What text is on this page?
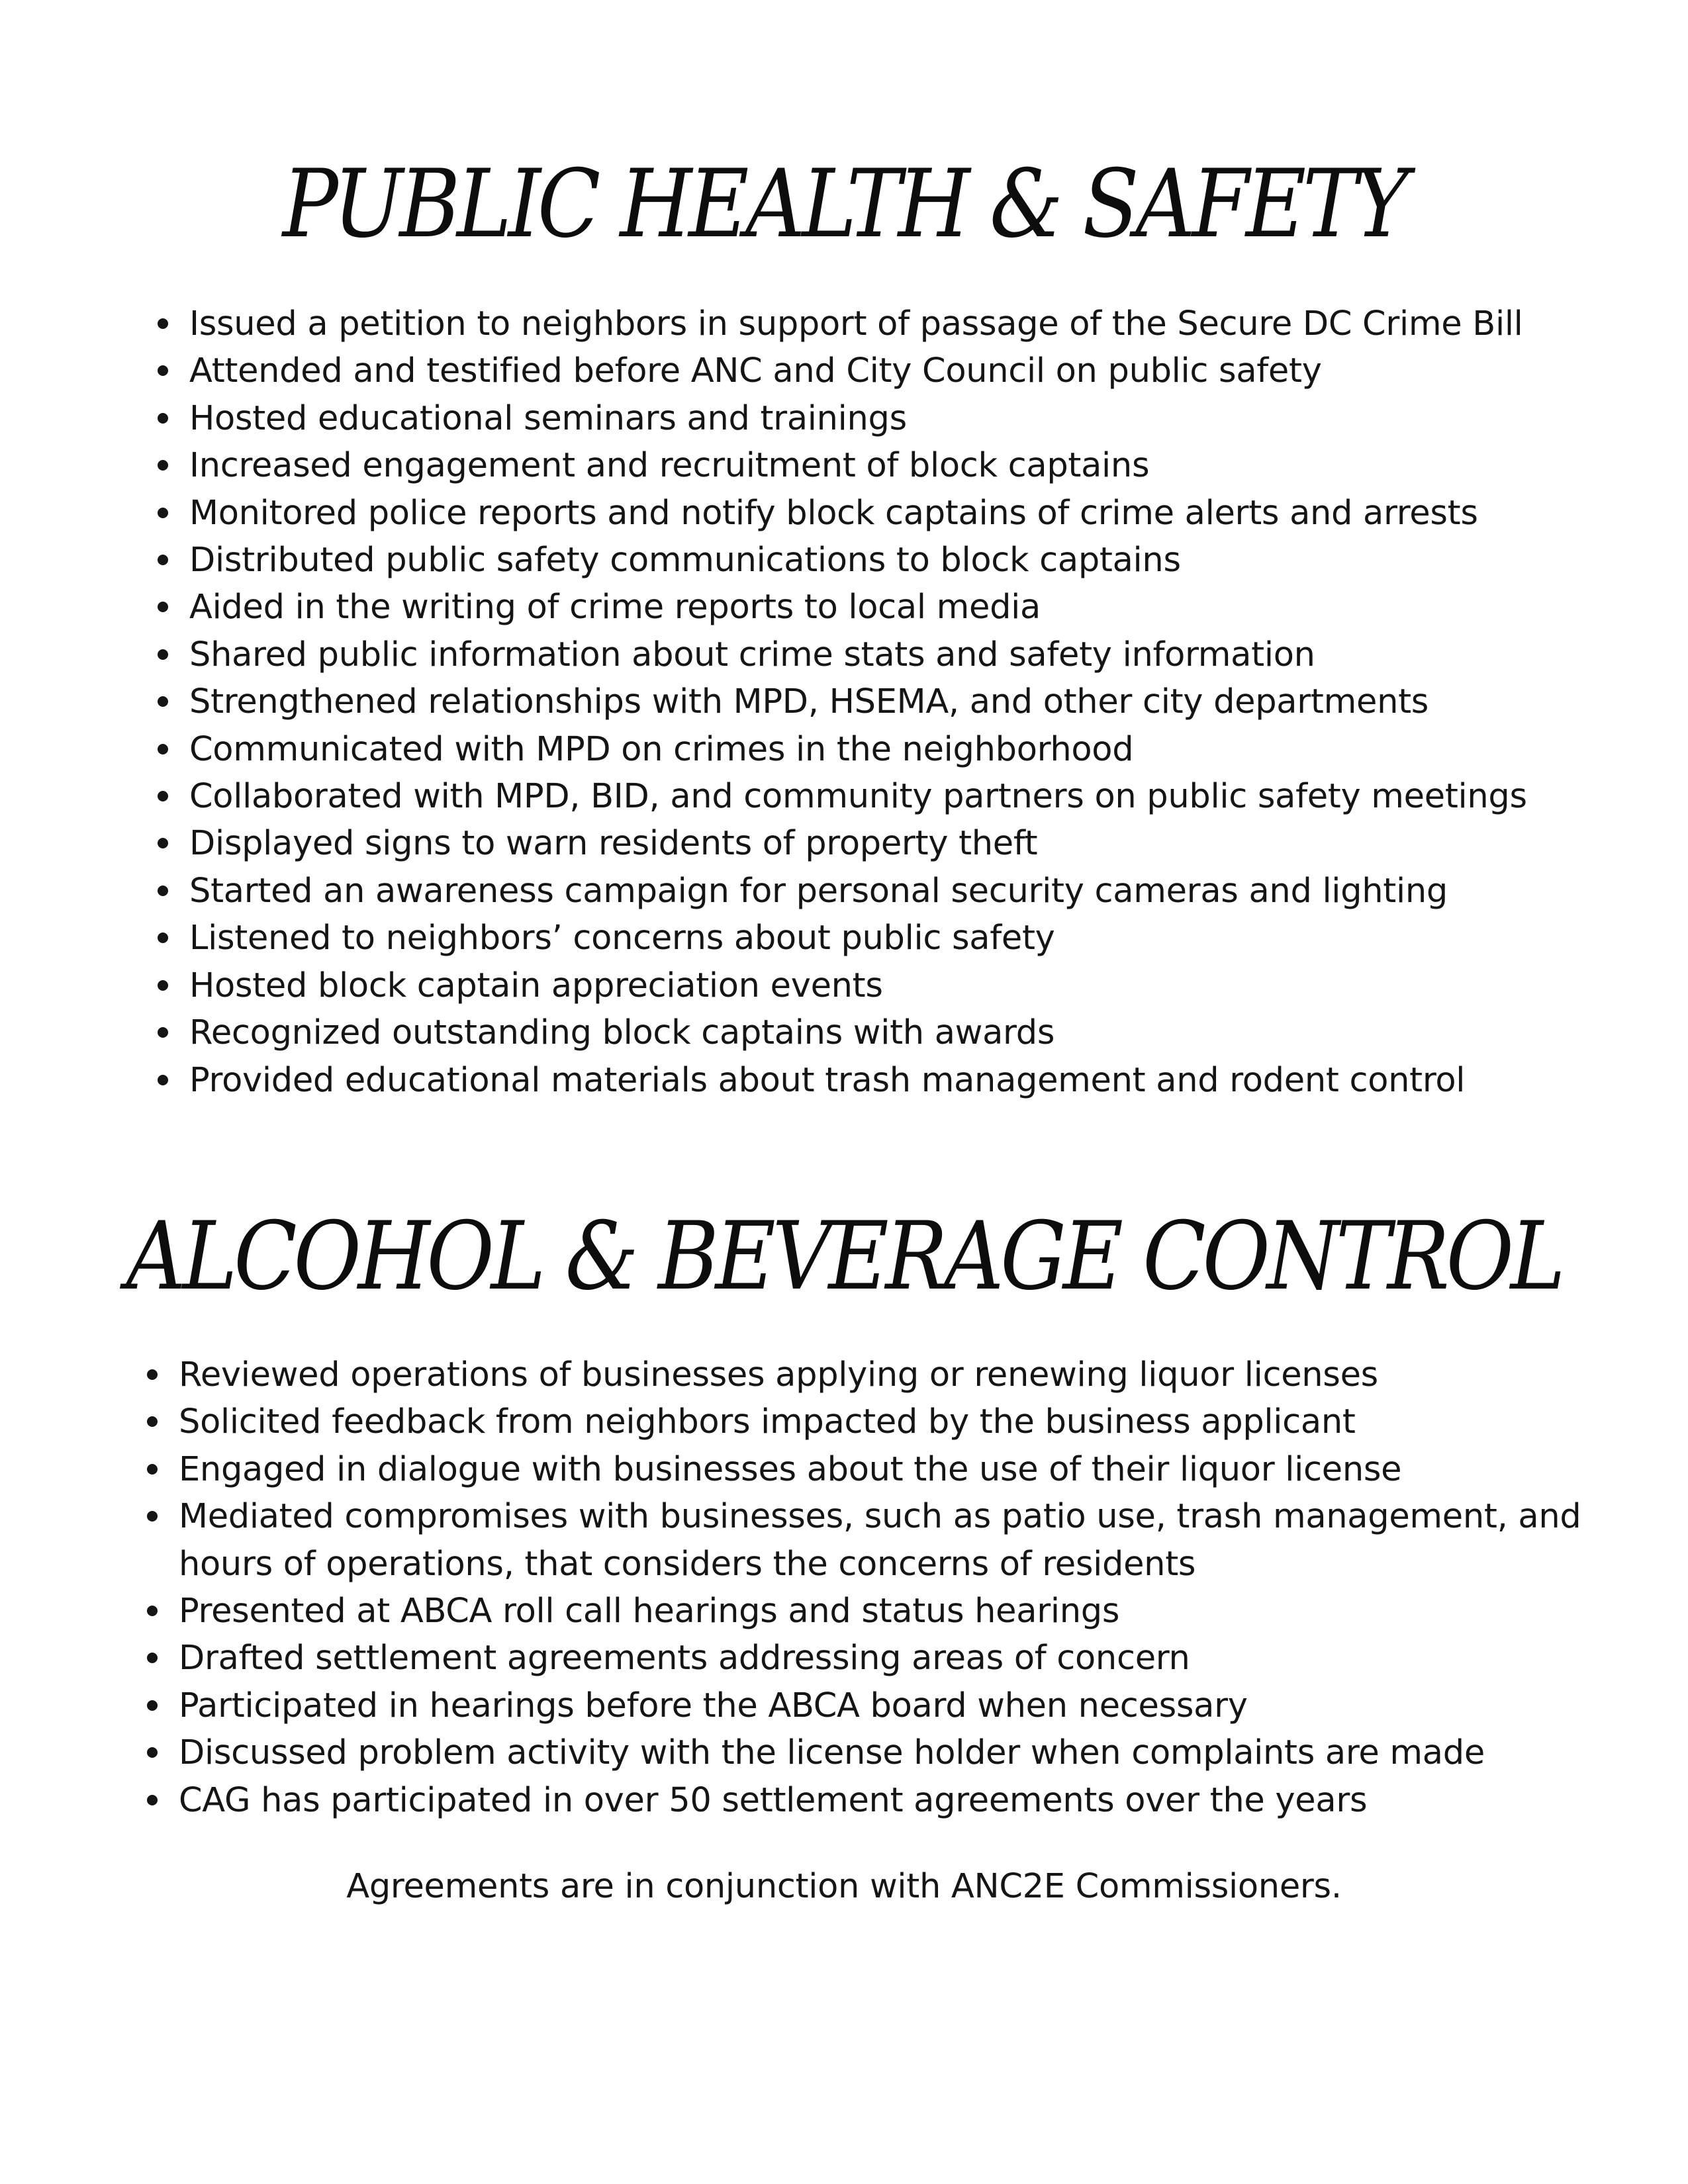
PUBLIC HEALTH & SAFETY
Issued a petition to neighbors in support of passage of the Secure DC Crime Bill
Attended and testified before ANC and City Council on public safety
Hosted educational seminars and trainings
Increased engagement and recruitment of block captains
Monitored police reports and notify block captains of crime alerts and arrests
Distributed public safety communications to block captains
Aided in the writing of crime reports to local media
Shared public information about crime stats and safety information
Strengthened relationships with MPD, HSEMA, and other city departments
Communicated with MPD on crimes in the neighborhood
Collaborated with MPD, BID, and community partners on public safety meetings
Displayed signs to warn residents of property theft
Started an awareness campaign for personal security cameras and lighting
Listened to neighbors’ concerns about public safety
Hosted block captain appreciation events
Recognized outstanding block captains with awards
Provided educational materials about trash management and rodent control
ALCOHOL & BEVERAGE CONTROL
Reviewed operations of businesses applying or renewing liquor licenses
Solicited feedback from neighbors impacted by the business applicant
Engaged in dialogue with businesses about the use of their liquor license
Mediated compromises with businesses, such as patio use, trash management, and hours of operations, that considers the concerns of residents
Presented at ABCA roll call hearings and status hearings
Drafted settlement agreements addressing areas of concern
Participated in hearings before the ABCA board when necessary
Discussed problem activity with the license holder when complaints are made
CAG has participated in over 50 settlement agreements over the years

Agreements are in conjunction with ANC2E Commissioners.
